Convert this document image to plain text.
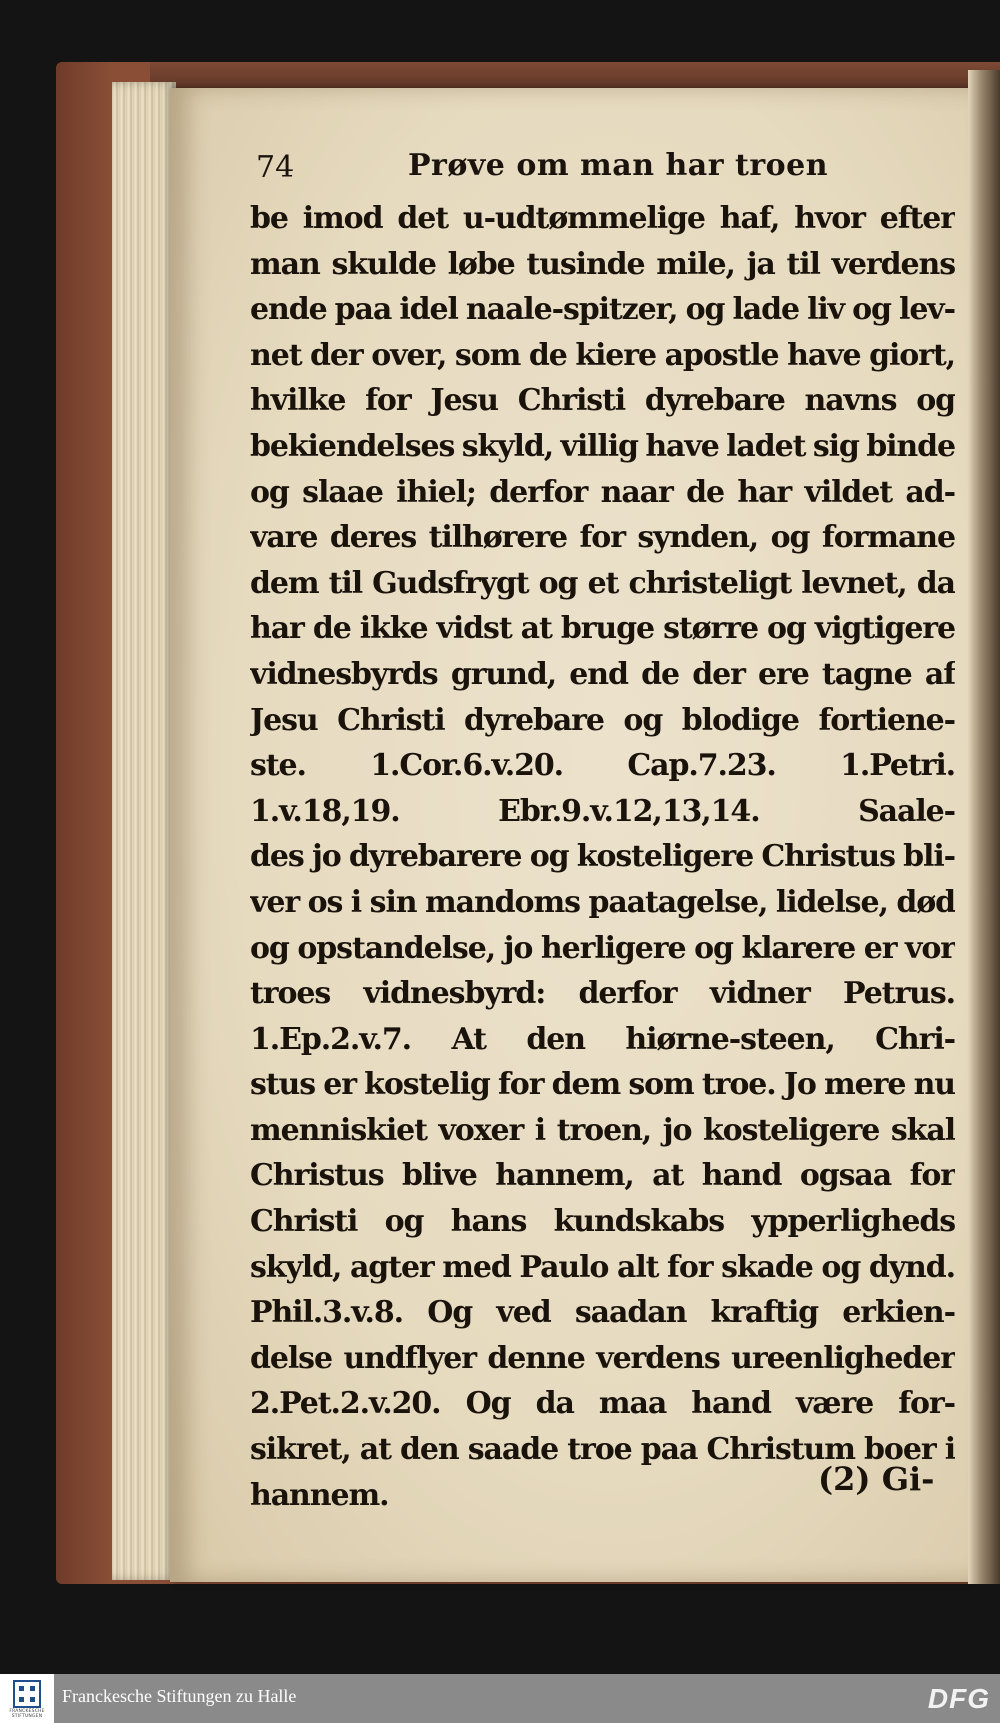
74	Prøve om man har troen
be imod det u-udtømmelige haf, hvor efter
man skulde løbe tusinde mile, ja til verdens
ende paa idel naale-spitzer, og lade liv og lev-
net der over, som de kiere apostle have giort,
hvilke for Jesu Christi dyrebare navns og
bekiendelses skyld, villig have ladet sig binde
og slaae ihiel; derfor naar de har vildet ad-
vare deres tilhørere for synden, og formane
dem til Gudsfrygt og et christeligt levnet, da
har de ikke vidst at bruge større og vigtigere
vidnesbyrds grund, end de der ere tagne af
Jesu Christi dyrebare og blodige fortiene-
ste. 1.Cor.6.v.20. Cap.7.23. 1.Petri.
1.v.18,19. Ebr.9.v.12,13,14. Saale-
des jo dyrebarere og kosteligere Christus bli-
ver os i sin mandoms paatagelse, lidelse, død
og opstandelse, jo herligere og klarere er vor
troes vidnesbyrd: derfor vidner Petrus.
1.Ep.2.v.7. At den hiørne-steen, Chri-
stus er kostelig for dem som troe. Jo mere nu
menniskiet voxer i troen, jo kosteligere skal
Christus blive hannem, at hand ogsaa for
Christi og hans kundskabs ypperligheds
skyld, agter med Paulo alt for skade og dynd.
Phil.3.v.8. Og ved saadan kraftig erkien-
delse undflyer denne verdens ureenligheder
2.Pet.2.v.20. Og da maa hand være for-
sikret, at den saade troe paa Christum boer i
hannem.	(2) Gi-
FRANCKESCHE STIFTUNGEN
Franckesche Stiftungen zu Halle	DFG
